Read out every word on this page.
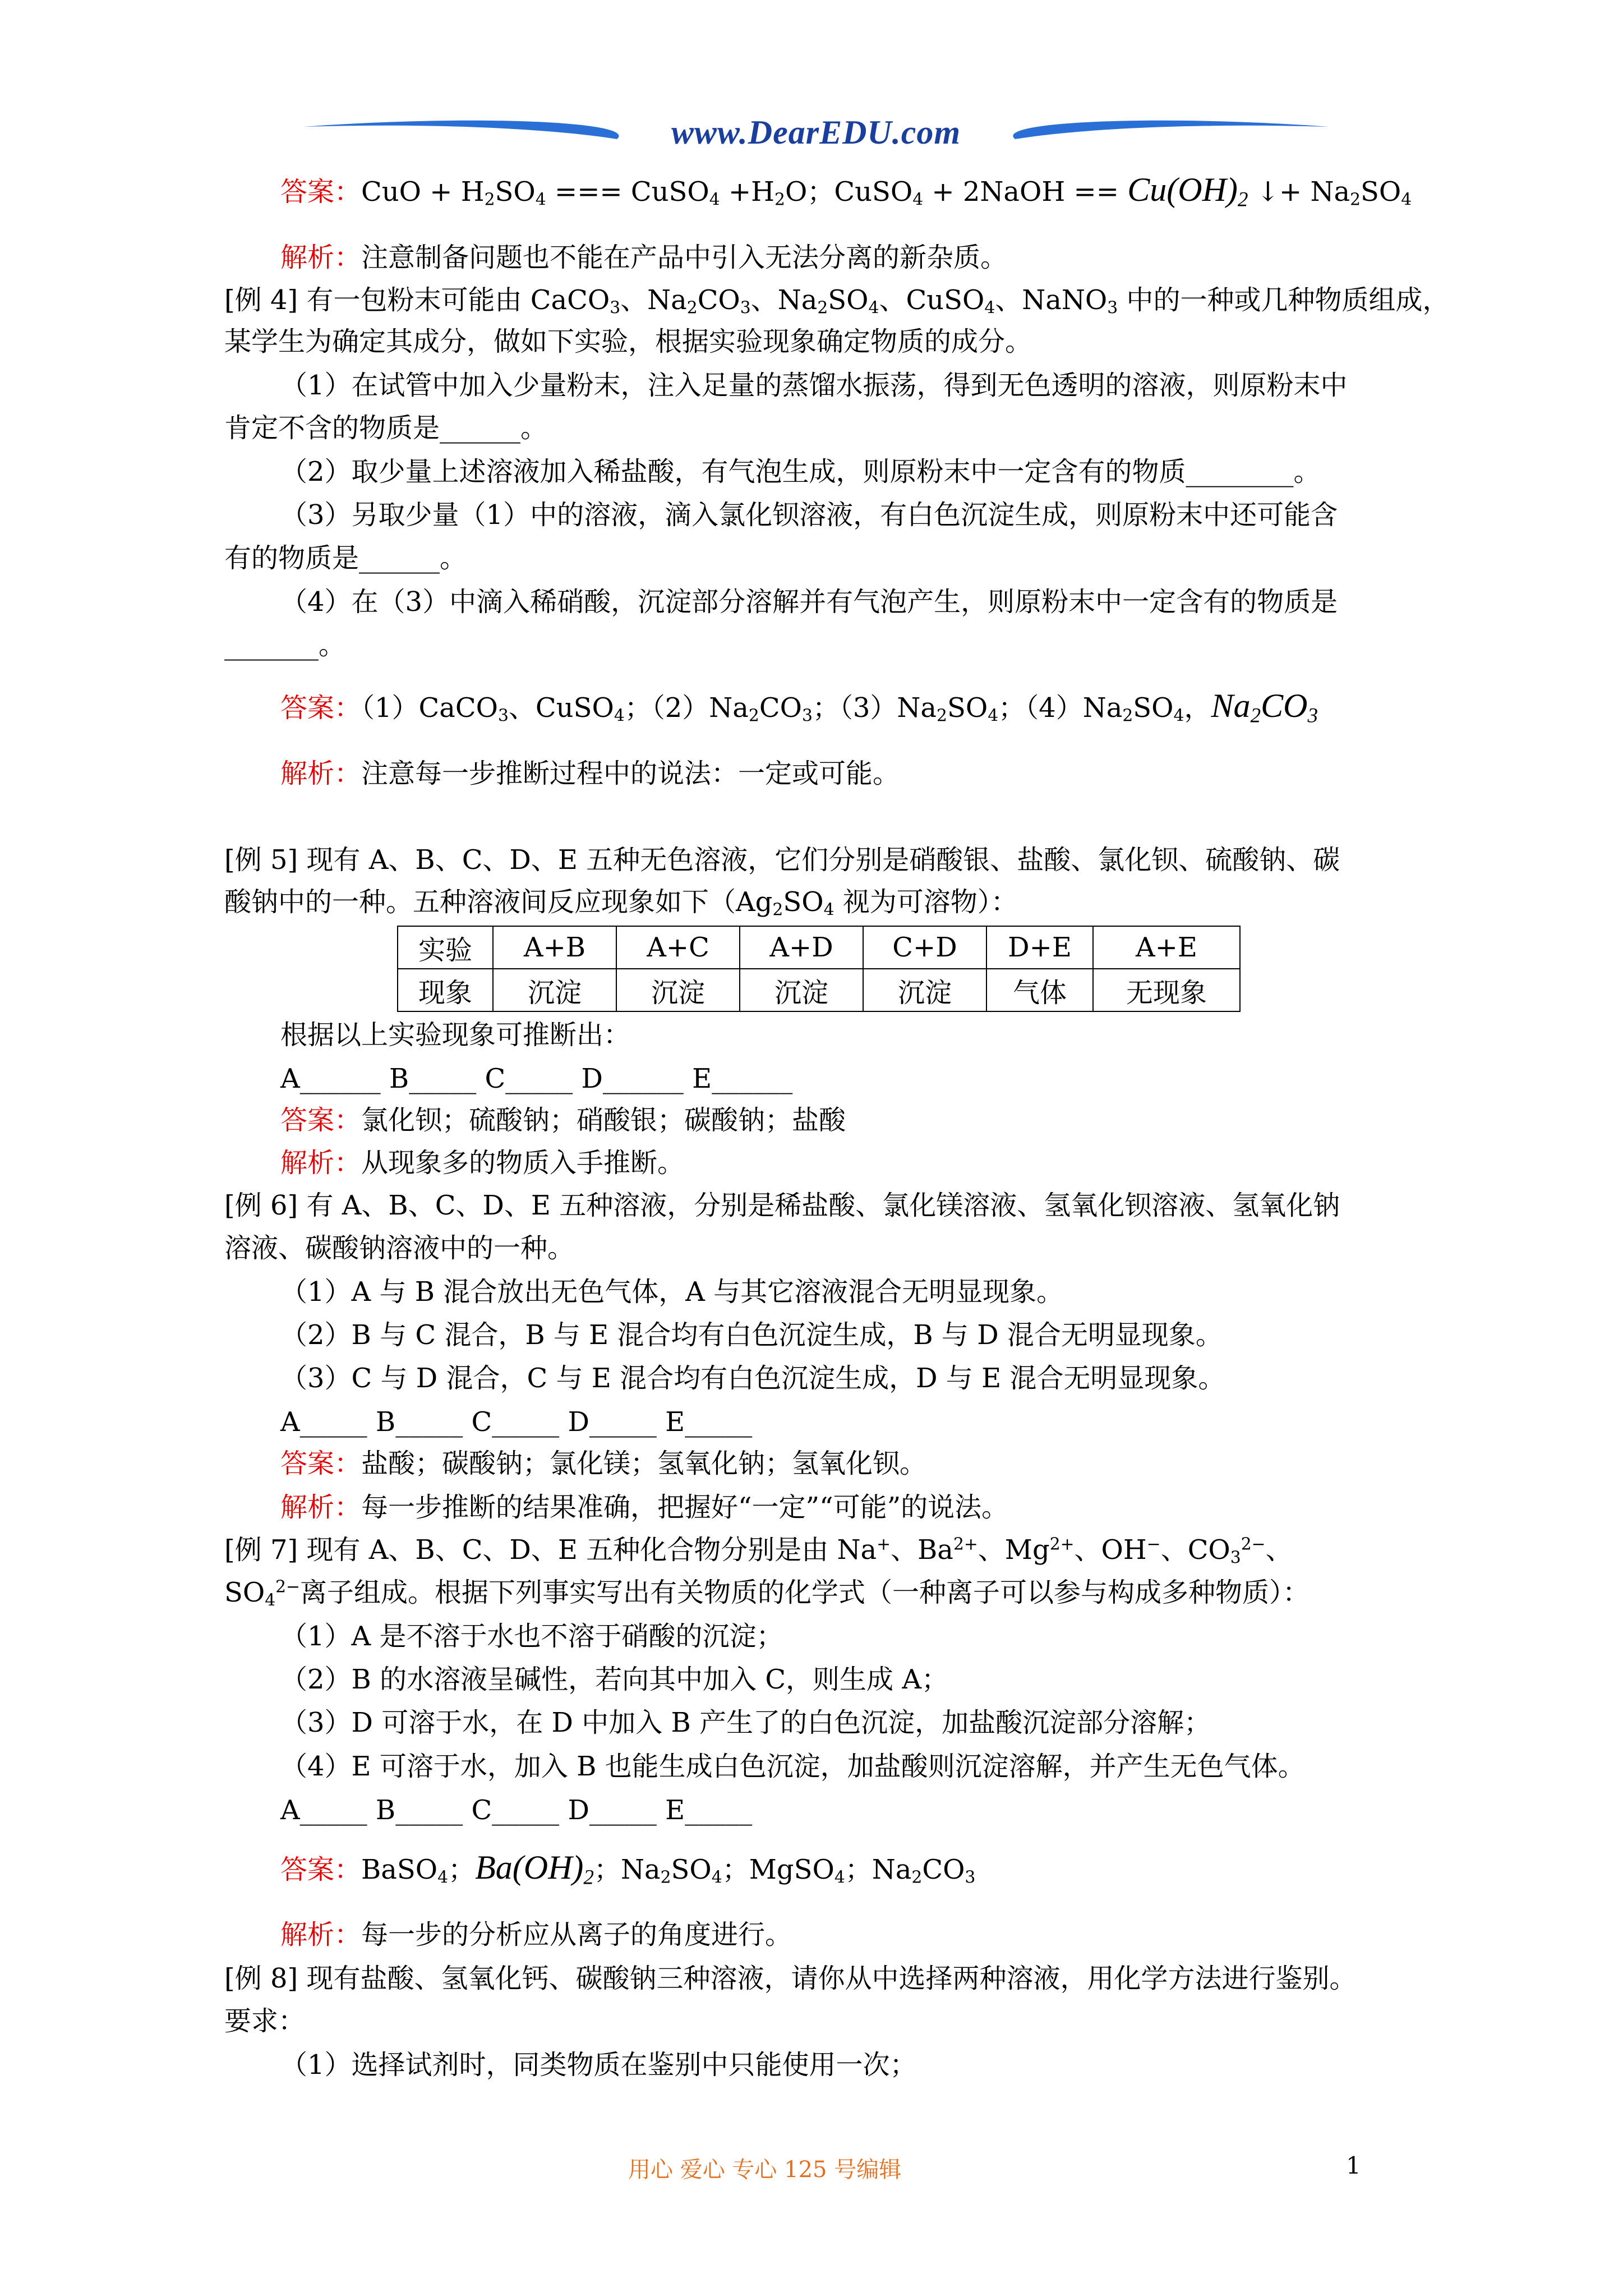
www.DearEDU.com
答案：CuO + $H_2SO_4$ === CuSO$_4$ $+H_2O$；CuSO$_4$ + 2NaOH == $Cu(OH)_2$ ↓+ $Na_2SO_4$
解析：注意制备问题也不能在产品中引入无法分离的新杂质。
[例 4] 有一包粉末可能由 CaCO$_3$、$Na_2CO_3$、$Na_2SO_4$、CuSO$_4$、NaNO$_3$ 中的一种或几种物质组成，
某学生为确定其成分，做如下实验，根据实验现象确定物质的成分。
（1）在试管中加入少量粉末，注入足量的蒸馏水振荡，得到无色透明的溶液，则原粉末中
肯定不含的物质是______。
（2）取少量上述溶液加入稀盐酸，有气泡生成，则原粉末中一定含有的物质________。
（3）另取少量（1）中的溶液，滴入氯化钡溶液，有白色沉淀生成，则原粉末中还可能含
有的物质是______。
（4）在（3）中滴入稀硝酸，沉淀部分溶解并有气泡产生，则原粉末中一定含有的物质是
_______。
答案：（1）CaCO$_3$、CuSO$_4$；$(2)Na_2CO_3$；$(3)Na_2SO_4$；$(4)Na_2SO_4$，$Na_2CO_3$
解析：注意每一步推断过程中的说法：一定或可能。
[例 5] 现有 A、B、C、D、E 五种无色溶液，它们分别是硝酸银、盐酸、氯化钡、硫酸钠、碳
酸钠中的一种。五种溶液间反应现象如下（$Ag_2SO_4$ 视为可溶物）：
实验	A+B	A+C	A+D	C+D	D+E	A+E
现象	沉淀	沉淀	沉淀	沉淀	气体	无现象
根据以上实验现象可推断出：
A______ B_____ C_____ D______ E______
答案：氯化钡；硫酸钠；硝酸银；碳酸钠；盐酸
解析：从现象多的物质入手推断。
[例 6] 有 A、B、C、D、E 五种溶液，分别是稀盐酸、氯化镁溶液、氢氧化钡溶液、氢氧化钠
溶液、碳酸钠溶液中的一种。
（1）A 与 B 混合放出无色气体，A 与其它溶液混合无明显现象。
（2）B 与 C 混合，B 与 E 混合均有白色沉淀生成，B 与 D 混合无明显现象。
（3）C 与 D 混合，C 与 E 混合均有白色沉淀生成，D 与 E 混合无明显现象。
A_____ B_____ C_____ D_____ E_____
答案：盐酸；碳酸钠；氯化镁；氢氧化钠；氢氧化钡。
解析：每一步推断的结果准确，把握好“一定”“可能”的说法。
[例 7] 现有 A、B、C、D、E 五种化合物分别是由 Na+、$Ba^{2+}$、$Mg^{2+}$、OH−、$CO_3^{2-}$、
$SO_4^{2-}$离子组成。根据下列事实写出有关物质的化学式（一种离子可以参与构成多种物质）：
（1）A 是不溶于水也不溶于硝酸的沉淀；
（2）B 的水溶液呈碱性，若向其中加入 C，则生成 A；
（3）D 可溶于水，在 D 中加入 B 产生了的白色沉淀，加盐酸沉淀部分溶解；
（4）E 可溶于水，加入 B 也能生成白色沉淀，加盐酸则沉淀溶解，并产生无色气体。
A_____ B_____ C_____ D_____ E_____
答案：BaSO$_4$；$Ba(OH)_2$；$Na_2SO_4$；MgSO$_4$；$Na_2CO_3$
解析：每一步的分析应从离子的角度进行。
[例 8] 现有盐酸、氢氧化钙、碳酸钠三种溶液，请你从中选择两种溶液，用化学方法进行鉴别。
要求：
（1）选择试剂时，同类物质在鉴别中只能使用一次；
用心 爱心 专心 125 号编辑	1
